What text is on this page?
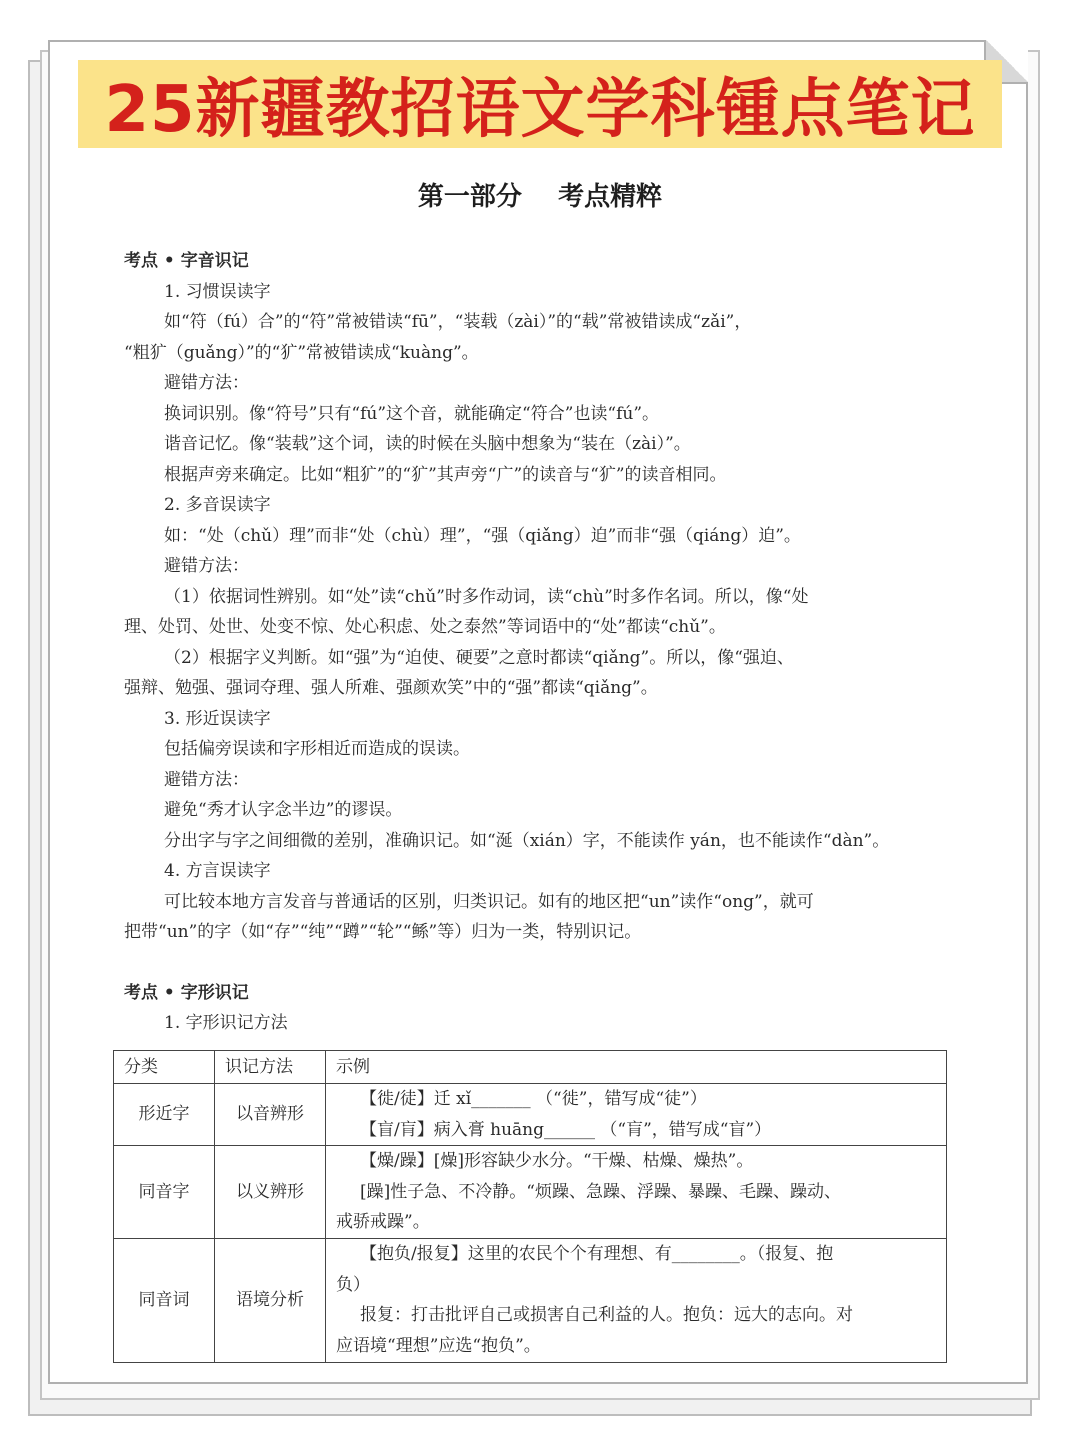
25新疆教招语文学科锺点笔记
第一部分    考点精粹

考点 • 字音识记

1. 习惯误读字

如“符（fú）合”的“符”常被错读“fū”，“装载（zài）”的“载”常被错读成“zǎi”，

“粗犷（guǎng）”的“犷”常被错读成“kuàng”。

避错方法：

换词识别。像“符号”只有“fú”这个音，就能确定“符合”也读“fú”。

谐音记忆。像“装载”这个词，读的时候在头脑中想象为“装在（zài）”。

根据声旁来确定。比如“粗犷”的“犷”其声旁“广”的读音与“犷”的读音相同。

2. 多音误读字

如：“处（chǔ）理”而非“处（chù）理”，“强（qiǎng）迫”而非“强（qiáng）迫”。

避错方法：

（1）依据词性辨别。如“处”读“chǔ”时多作动词，读“chù”时多作名词。所以，像“处

理、处罚、处世、处变不惊、处心积虑、处之泰然”等词语中的“处”都读“chǔ”。

（2）根据字义判断。如“强”为“迫使、硬要”之意时都读“qiǎng”。所以，像“强迫、

强辩、勉强、强词夺理、强人所难、强颜欢笑”中的“强”都读“qiǎng”。

3. 形近误读字

包括偏旁误读和字形相近而造成的误读。

避错方法：

避免“秀才认字念半边”的谬误。

分出字与字之间细微的差别，准确识记。如“涎（xián）字，不能读作 yán，也不能读作“dàn”。

4. 方言误读字

可比较本地方言发音与普通话的区别，归类识记。如有的地区把“un”读作“ong”，就可

把带“un”的字（如“存”“纯”“蹲”“轮”“鲧”等）归为一类，特别识记。

考点 • 字形识记

1. 字形识记方法

分类	识记方法	示例
形近字	以音辨形	【徙/徒】迁 xǐ_______ （“徙”，错写成“徒”）
【盲/肓】病入膏 huāng______ （“肓”，错写成“盲”）

同音字	以义辨形	【燥/躁】[燥]形容缺少水分。“干燥、枯燥、燥热”。
[躁]性子急、不冷静。“烦躁、急躁、浮躁、暴躁、毛躁、躁动、
戒骄戒躁”。

同音词	语境分析	【抱负/报复】这里的农民个个有理想、有________。（报复、抱
负）
报复：打击批评自己或损害自己利益的人。抱负：远大的志向。对
应语境“理想”应选“抱负”。
